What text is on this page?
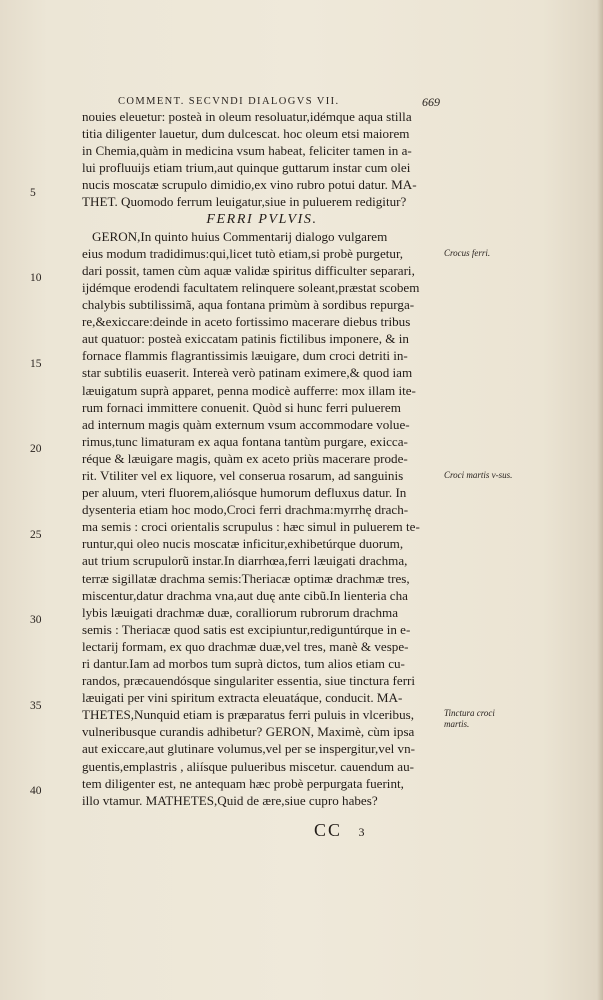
COMMENT. SECVNDI DIALOGVS VII.	669
5
10
15
20
25
30
35
40
nouies eleuetur: posteà in oleum resoluatur,idémque aqua stilla
titia diligenter lauetur, dum dulcescat. hoc oleum etsi maiorem
in Chemia,quàm in medicina vsum habeat, feliciter tamen in a-
lui profluuijs etiam trium,aut quinque guttarum instar cum olei
nucis moscatæ scrupulo dimidio,ex vino rubro potui datur. MA-
THET. Quomodo ferrum leuigatur,siue in puluerem redigitur?
FERRI PVLVIS.
GERON,In quinto huius Commentarij dialogo vulgarem
eius modum tradidimus:qui,licet tutò etiam,si probè purgetur,
dari possit, tamen cùm aquæ validæ spiritus difficulter separari,
ijdémque erodendi facultatem relinquere soleant,præstat scobem
chalybis subtilissimã, aqua fontana primùm à sordibus repurga-
re,&exiccare:deinde in aceto fortissimo macerare diebus tribus
aut quatuor: posteà exiccatam patinis fictilibus imponere, & in
fornace flammis flagrantissimis læuigare, dum croci detriti in-
star subtilis euaserit. Intereà verò patinam eximere,& quod iam
læuigatum suprà apparet, penna modicè aufferre: mox illam ite-
rum fornaci immittere conuenit. Quòd si hunc ferri puluerem
ad internum magis quàm externum vsum accommodare volue-
rimus,tunc limaturam ex aqua fontana tantùm purgare, exicca-
réque & læuigare magis, quàm ex aceto priùs macerare prode-
rit. Vtiliter vel ex liquore, vel conserua rosarum, ad sanguinis
per aluum, vteri fluorem,aliósque humorum defluxus datur. In
dysenteria etiam hoc modo,Croci ferri drachma:myrrhę drach-
ma semis : croci orientalis scrupulus : hæc simul in puluerem te-
runtur,qui oleo nucis moscatæ inficitur,exhibetúrque duorum,
aut trium scrupulorũ instar.In diarrhœa,ferri læuigati drachma,
terræ sigillatæ drachma semis:Theriacæ optimæ drachmæ tres,
miscentur,datur drachma vna,aut duę ante cibũ.In lienteria cha
lybis læuigati drachmæ duæ, coralliorum rubrorum drachma
semis : Theriacæ quod satis est excipiuntur,rediguntúrque in e-
lectarij formam, ex quo drachmæ duæ,vel tres, manè & vespe-
ri dantur.Iam ad morbos tum suprà dictos, tum alios etiam cu-
randos, præcauendósque singulariter essentia, siue tinctura ferri
læuigati per vini spiritum extracta eleuatáque, conducit. MA-
THETES,Nunquid etiam is præparatus ferri puluis in vlceribus,
vulneribusque curandis adhibetur? GERON, Maximè, cùm ipsa
aut exiccare,aut glutinare volumus,vel per se inspergitur,vel vn-
guentis,emplastris , aliísque pulueribus miscetur. cauendum au-
tem diligenter est, ne antequam hæc probè perpurgata fuerint,
illo vtamur. MATHETES,Quid de ære,siue cupro habes?
Crocus ferri.
Croci martis v-sus.
Tinctura croci martis.
CC 3
